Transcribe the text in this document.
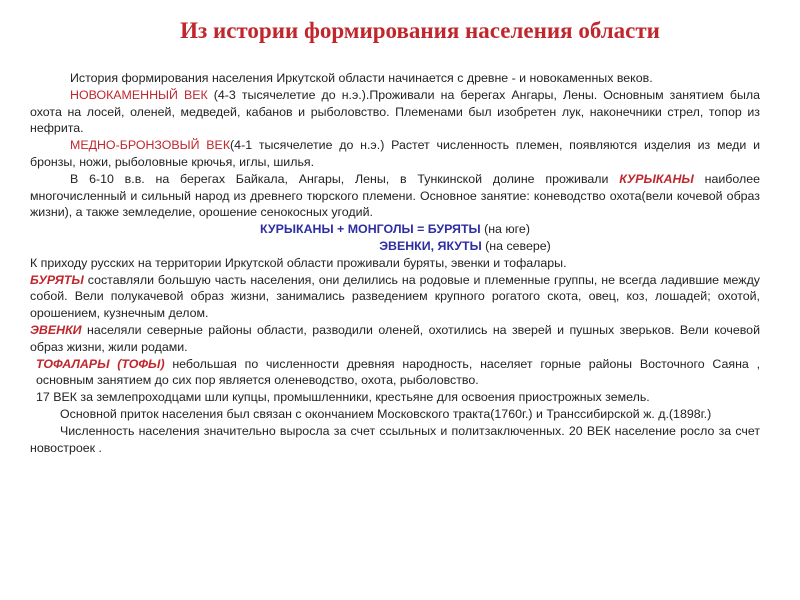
Из истории формирования населения области

История формирования населения Иркутской области начинается с древне - и новокаменных веков.

НОВОКАМЕННЫЙ ВЕК (4-3 тысячелетие до н.э.).Проживали на берегах Ангары, Лены. Основным занятием была охота на лосей, оленей, медведей, кабанов и рыболовство. Племенами был изобретен лук, наконечники стрел, топор из нефрита.

МЕДНО-БРОНЗОВЫЙ ВЕК(4-1 тысячелетие до н.э.) Растет численность племен, появляются изделия из меди и бронзы, ножи, рыболовные крючья, иглы, шилья.

В 6-10 в.в. на берегах Байкала, Ангары, Лены, в Тункинской долине проживали КУРЫКАНЫ наиболее многочисленный и сильный народ из древнего тюрского племени. Основное занятие: коневодство охота(вели кочевой образ жизни), а также земледелие, орошение сенокосных угодий.

КУРЫКАНЫ + МОНГОЛЫ = БУРЯТЫ (на юге)

ЭВЕНКИ, ЯКУТЫ (на севере)

К приходу русских на территории Иркутской области проживали буряты, эвенки и тофалары.

БУРЯТЫ составляли большую часть населения, они делились на родовые и племенные группы, не всегда ладившие между собой. Вели полукачевой образ жизни, занимались разведением крупного рогатого скота, овец, коз, лошадей; охотой, орошением, кузнечным делом.

ЭВЕНКИ населяли северные районы области, разводили оленей, охотились на зверей и пушных зверьков. Вели кочевой образ жизни, жили родами.

ТОФАЛАРЫ (ТОФЫ) небольшая по численности древняя народность, населяет горные районы Восточного Саяна , основным занятием до сих пор является оленеводство, охота, рыболовство.

17 ВЕК за землепроходцами шли купцы, промышленники, крестьяне для освоения приострожных земель.

Основной приток населения был связан с окончанием Московского тракта(1760г.) и Транссибирской ж. д.(1898г.)

Численность населения значительно выросла за счет ссыльных и политзаключенных. 20 ВЕК население росло за счет новостроек .
